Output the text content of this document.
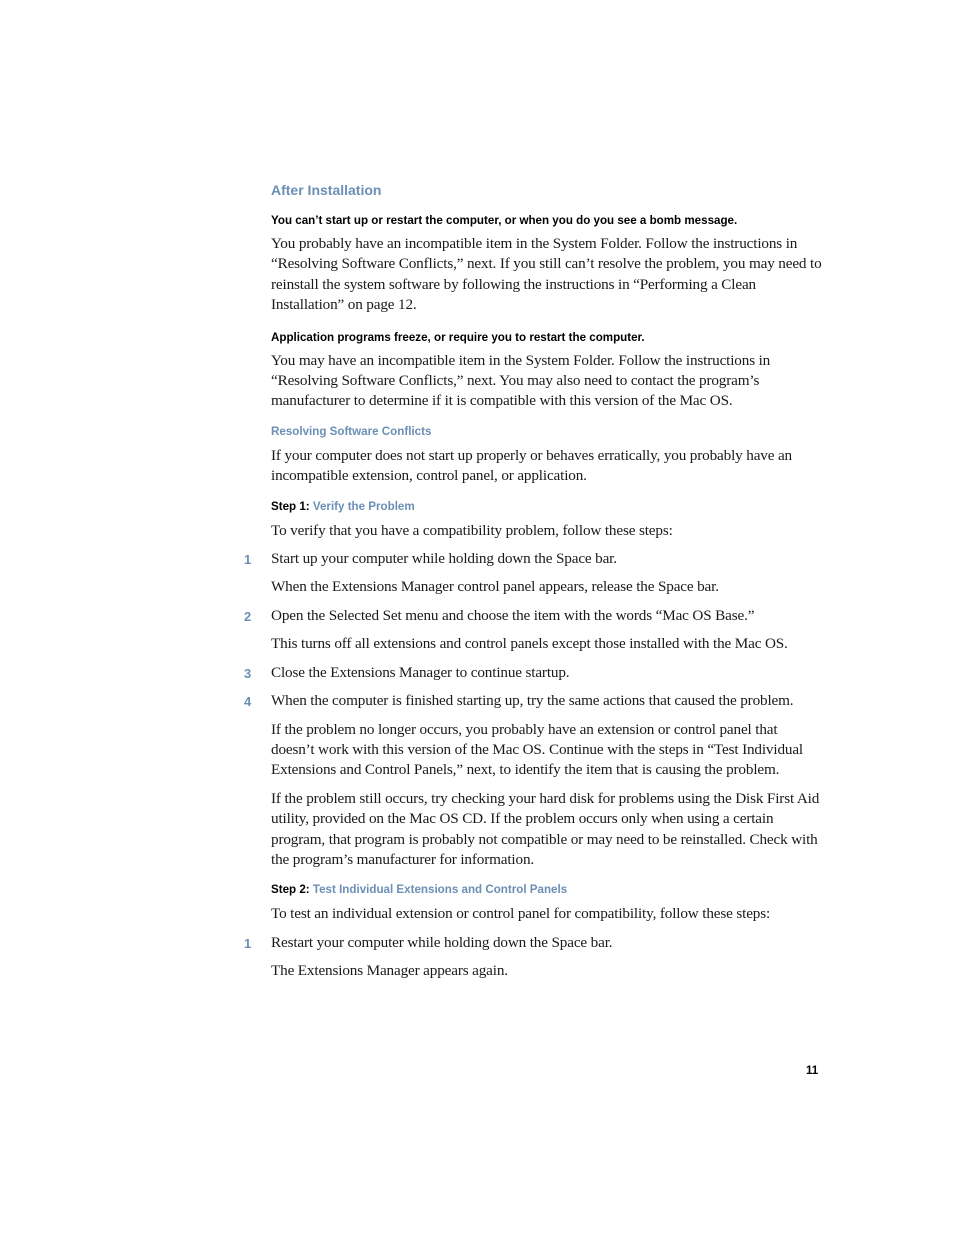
After Installation
You can’t start up or restart the computer, or when you do you see a bomb message.
You probably have an incompatible item in the System Folder. Follow the instructions in “Resolving Software Conflicts,” next. If you still can’t resolve the problem, you may need to reinstall the system software by following the instructions in “Performing a Clean Installation” on page 12.
Application programs freeze, or require you to restart the computer.
You may have an incompatible item in the System Folder. Follow the instructions in “Resolving Software Conflicts,” next. You may also need to contact the program’s manufacturer to determine if it is compatible with this version of the Mac OS.
Resolving Software Conflicts
If your computer does not start up properly or behaves erratically, you probably have an incompatible extension, control panel, or application.
Step 1: Verify the Problem
To verify that you have a compatibility problem, follow these steps:
1 Start up your computer while holding down the Space bar.
When the Extensions Manager control panel appears, release the Space bar.
2 Open the Selected Set menu and choose the item with the words “Mac OS Base.”
This turns off all extensions and control panels except those installed with the Mac OS.
3 Close the Extensions Manager to continue startup.
4 When the computer is finished starting up, try the same actions that caused the problem.
If the problem no longer occurs, you probably have an extension or control panel that doesn’t work with this version of the Mac OS. Continue with the steps in “Test Individual Extensions and Control Panels,” next, to identify the item that is causing the problem.
If the problem still occurs, try checking your hard disk for problems using the Disk First Aid utility, provided on the Mac OS CD. If the problem occurs only when using a certain program, that program is probably not compatible or may need to be reinstalled. Check with the program’s manufacturer for information.
Step 2: Test Individual Extensions and Control Panels
To test an individual extension or control panel for compatibility, follow these steps:
1 Restart your computer while holding down the Space bar.
The Extensions Manager appears again.
11
